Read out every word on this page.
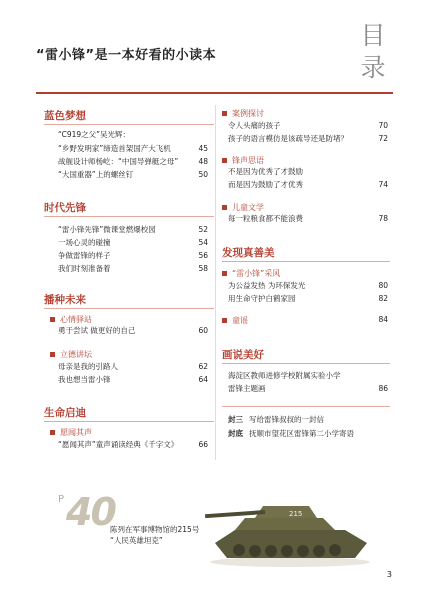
“雷小锋”是一本好看的小读本
目
录
蓝色梦想
“C919之父”吴光辉：
“乡野发明家”缔造首架国产大飞机	45
战舰设计师杨屹：“中国导弹艇之母”	48
“大国重器”上的螺丝钉	50
时代先锋
“雷小锋先锋”微课堂燃爆校园	52
一场心灵的碰撞	54
争做雷锋的样子	56
我们时刻准备着	58
播种未来
心情驿站
勇于尝试 做更好的自己	60
立德讲坛
母亲是我的引路人	62
我也想当雷小锋	64
生命启迪
愿闻其声
“愿闻其声”童声诵读经典《千字文》	66
案例探讨
令人头痛的孩子	70
孩子的语言模仿是该疏导还是防堵？	72
锋声思语
不是因为优秀了才鼓励
而是因为鼓励了才优秀	74
儿童文学
每一粒粮食都不能浪费	78
发现真善美
“雷小锋”采风
为公益发热 为环保发光	80
用生命守护白鹤家园	82
童谣	84
画说美好
海淀区教师进修学校附属实验小学
雷锋主题画	86
封三 写给雷锋叔叔的一封信
封底 抚顺市望花区雷锋第二小学寄语
P 40
陈列在军事博物馆的215号
“人民英雄坦克”
215
3
